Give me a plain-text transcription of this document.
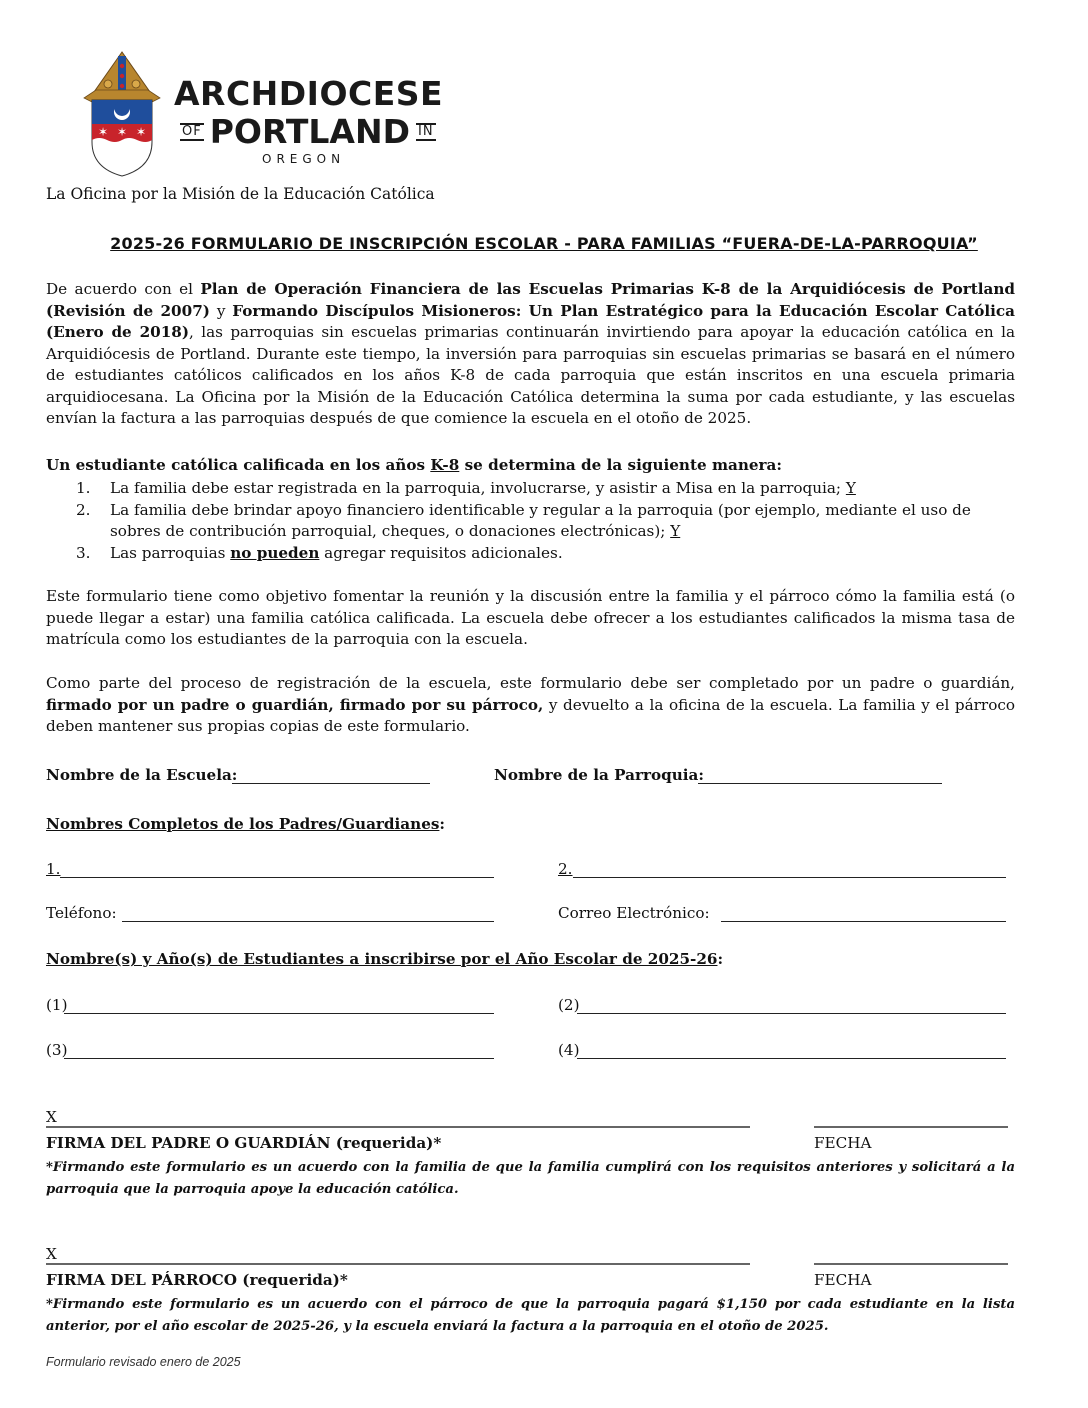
✶ ✶ ✶
ARCHDIOCESE
OF PORTLAND IN
OREGON
La Oficina por la Misión de la Educación Católica
2025-26 FORMULARIO DE INSCRIPCIÓN ESCOLAR - PARA FAMILIAS “FUERA-DE-LA-PARROQUIA”
De acuerdo con el Plan de Operación Financiera de las Escuelas Primarias K-8 de la Arquidiócesis de Portland (Revisión de 2007) y Formando Discípulos Misioneros: Un Plan Estratégico para la Educación Escolar Católica (Enero de 2018), las parroquias sin escuelas primarias continuarán invirtiendo para apoyar la educación católica en la Arquidiócesis de Portland. Durante este tiempo, la inversión para parroquias sin escuelas primarias se basará en el número de estudiantes católicos calificados en los años K-8 de cada parroquia que están inscritos en una escuela primaria arquidiocesana. La Oficina por la Misión de la Educación Católica determina la suma por cada estudiante, y las escuelas envían la factura a las parroquias después de que comience la escuela en el otoño de 2025.
Un estudiante católica calificada en los años K-8 se determina de la siguiente manera:
1.	La familia debe estar registrada en la parroquia, involucrarse, y asistir a Misa en la parroquia; Y
2.	La familia debe brindar apoyo financiero identificable y regular a la parroquia (por ejemplo, mediante el uso de sobres de contribución parroquial, cheques, o donaciones electrónicas); Y
3.	Las parroquias no pueden agregar requisitos adicionales.
Este formulario tiene como objetivo fomentar la reunión y la discusión entre la familia y el párroco cómo la familia está (o puede llegar a estar) una familia católica calificada. La escuela debe ofrecer a los estudiantes calificados la misma tasa de matrícula como los estudiantes de la parroquia con la escuela.
Como parte del proceso de registración de la escuela, este formulario debe ser completado por un padre o guardián, firmado por un padre o guardián, firmado por su párroco, y devuelto a la oficina de la escuela. La familia y el párroco deben mantener sus propias copias de este formulario.
Nombre de la Escuela:	Nombre de la Parroquia:
Nombres Completos de los Padres/Guardianes:
1.	2.
Teléfono:	Correo Electrónico:
Nombre(s) y Año(s) de Estudiantes a inscribirse por el Año Escolar de 2025-26:
(1)	(2)
(3)	(4)
X
FIRMA DEL PADRE O GUARDIÁN (requerida)*	FECHA
*Firmando este formulario es un acuerdo con la familia de que la familia cumplirá con los requisitos anteriores y solicitará a la parroquia que la parroquia apoye la educación católica.
X
FIRMA DEL PÁRROCO (requerida)*	FECHA
*Firmando este formulario es un acuerdo con el párroco de que la parroquia pagará $1,150 por cada estudiante en la lista anterior, por el año escolar de 2025-26, y la escuela enviará la factura a la parroquia en el otoño de 2025.
Formulario revisado enero de 2025
